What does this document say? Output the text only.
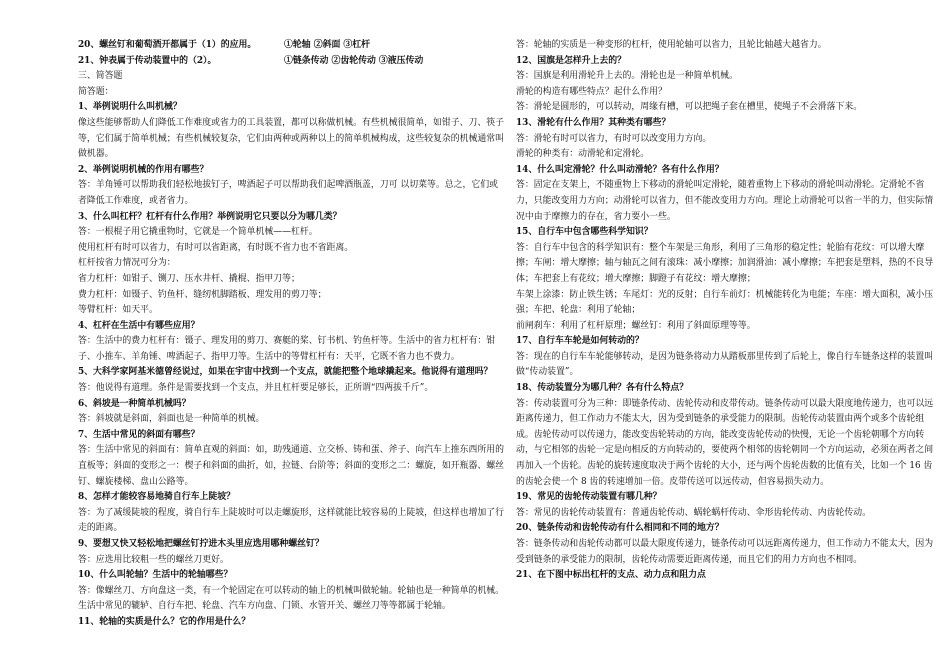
20、螺丝钉和葡萄酒开都属于（1）的应用。	①轮轴 ②斜面 ③杠杆
21、钟表属于传动装置中的（2）。	①链条传动 ②齿轮传动 ③液压传动

三、简答题

简答题：

1、举例说明什么叫机械？

像这些能够帮助人们降低工作难度或省力的工具装置，都可以称做机械。有些机械很简单，如钳子、刀、筷子等，它们属于简单机械；有些机械较复杂，它们由两种或两种以上的简单机械构成，这些较复杂的机械通常叫做机器。

2、举例说明机械的作用有哪些？

答：羊角锤可以帮助我们轻松地拔钉子，啤酒起子可以帮助我们起啤酒瓶盖，刀可 以切菜等。总之，它们或者降低工作难度，或者省力。

3、什么叫杠杆？杠杆有什么作用？举例说明它只要以分为哪几类？

答：一根棍子用它撬重物时，它就是一个简单机械——杠杆。

使用杠杆有时可以省力，有时可以省距离，有时既不省力也不省距离。

杠杆按省力情况可分为：

省力杠杆：如钳子、铡刀、压水井杆、撬棍、指甲刀等；

费力杠杆：如镊子、钓鱼杆、缝纫机脚踏板、理发用的剪刀等；

等臂杠杆：如天平。

4、杠杆在生活中有哪些应用？

答：生活中的费力杠杆有：镊子、理发用的剪刀、赛艇的桨、钉书机、钓鱼杆等。生活中的省力杠杆有：钳子、小推车、羊角锤、啤酒起子、指甲刀等。生活中的等臂杠杆有：天平，它既不省力也不费力。

5、大科学家阿基米德曾经说过，如果在宇宙中找到一个支点，就能把整个地球撬起来。他说得有道理吗？

答：他说得有道理。条件是需要找到一个支点，并且杠杆要足够长，正所谓“四两拔千斤”。

6、斜坡是一种简单机械吗？

答：斜坡就是斜面，斜面也是一种简单的机械。

7、生活中常见的斜面有哪些？

答：生活中常见的斜面有：简单直观的斜面：如，助残通道、立交桥、铸和蛋、斧子、向汽车上推东西所用的直板等；斜面的变形之一：楔子和斜面的曲折，如，拉链、台阶等；斜面的变形之二：螺旋，如开瓶器、螺丝钉、螺旋楼梯、盘山公路等。

8、怎样才能较容易地骑自行车上陡坡？

答：为了减缓陡坡的程度，骑自行车上陡坡时可以走螺旋形，这样就能比较容易的上陡坡，但这样也增加了行走的距离。

9、要想又快又轻松地把螺丝钉拧进木头里应选用哪种螺丝钉？

答：应选用比较粗一些的螺丝刀更好。

10、什么叫轮轴？生活中的轮轴哪些？

答：像螺丝刀、方向盘这一类，有一个轮固定在可以转动的轴上的机械叫做轮轴。轮轴也是一种简单的机械。

生活中常见的辘轳、自行车把、轮盘、汽车方向盘、门锁、水管开关、螺丝刀等等都属于轮轴。

11、轮轴的实质是什么？它的作用是什么？

答：轮轴的实质是一种变形的杠杆，使用轮轴可以省力，且轮比轴越大越省力。

12、国旗是怎样升上去的？

答：国旗是利用滑轮升上去的。滑轮也是一种简单机械。

滑轮的构造有哪些特点？起什么作用？

答：滑轮是圆形的，可以转动，周缘有槽，可以把绳子套在槽里，使绳子不会滑落下来。

13、滑轮有什么作用？其种类有哪些？

答：滑轮有时可以省力，有时可以改变用力方向。

滑轮的种类有：动滑轮和定滑轮。

14、什么叫定滑轮？什么叫动滑轮？各有什么作用？

答：固定在支架上，不随重物上下移动的滑轮叫定滑轮，随着重物上下移动的滑轮叫动滑轮。定滑轮不省力，只能改变用力方向；动滑轮可以省力，但不能改变用力方向。理论上动滑轮可以省一半的力，但实际情况中由于摩擦力的存在，省力要小一些。

15、自行车中包含哪些科学知识？

答：自行车中包含的科学知识有：整个车架是三角形，利用了三角形的稳定性；轮胎有花纹：可以增大摩擦；车闸：增大摩擦；轴与轴瓦之间有滚珠：减小摩擦；加润滑油：减小摩擦；车把套是塑料，热的不良导体；车把套上有花纹；增大摩擦；脚蹬子有花纹：增大摩擦；

车架上涂漆：防止铁生锈；车尾灯：光的反射；自行车前灯：机械能转化为电能；车座：增大面积，减小压强；车把、轮盘：利用了轮轴；

前闸刹车：利用了杠杆原理；螺丝钉：利用了斜面原理等等。

17、自行车车轮是如何转动的？

答：现在的自行车车轮能够转动，是因为链条将动力从踏板那里传到了后轮上，像自行车链条这样的装置叫做“传动装置”。

18、传动装置分为哪几种？各有什么特点？

答：传动装置可分为三种：即链条传动、齿轮传动和皮带传动。链条传动可以最大限度地传递力，也可以远距离传递力，但工作动力不能太大，因为受到链条的承受能力的限制。齿轮传动装置由两个或多个齿轮组成。齿轮传动可以传递力，能改变齿轮转动的方向，能改变齿轮传动的快慢，无论一个齿轮朝哪个方向转动，与它相邻的齿轮一定是向相反的方向转动的，要使两个相邻的齿轮朝同一个方向运动，必须在两者之间再加入一个齿轮。齿轮的旋转速度取决于两个齿轮的大小，还与两个齿轮齿数的比值有关，比如一个 16 齿的齿轮会使一个 8 齿的转速增加一倍。皮带传送可以远传动，但容易损失动力。

19、常见的齿轮传动装置有哪几种？

答：常见的齿轮传动装置有：普通齿轮传动、蜗轮蜗杆传动、伞形齿轮传动、内齿轮传动。

20、链条传动和齿轮传动有什么相同和不同的地方？

答：链条传动和齿轮传动都可以最大限度传递力，链条传动可以远距离传递力，但工作动力不能太大，因为受到链条的承受能力的限制，齿轮传动需要近距离传递，而且它们的用力方向也不相同。

21、在下图中标出杠杆的支点、动力点和阻力点
